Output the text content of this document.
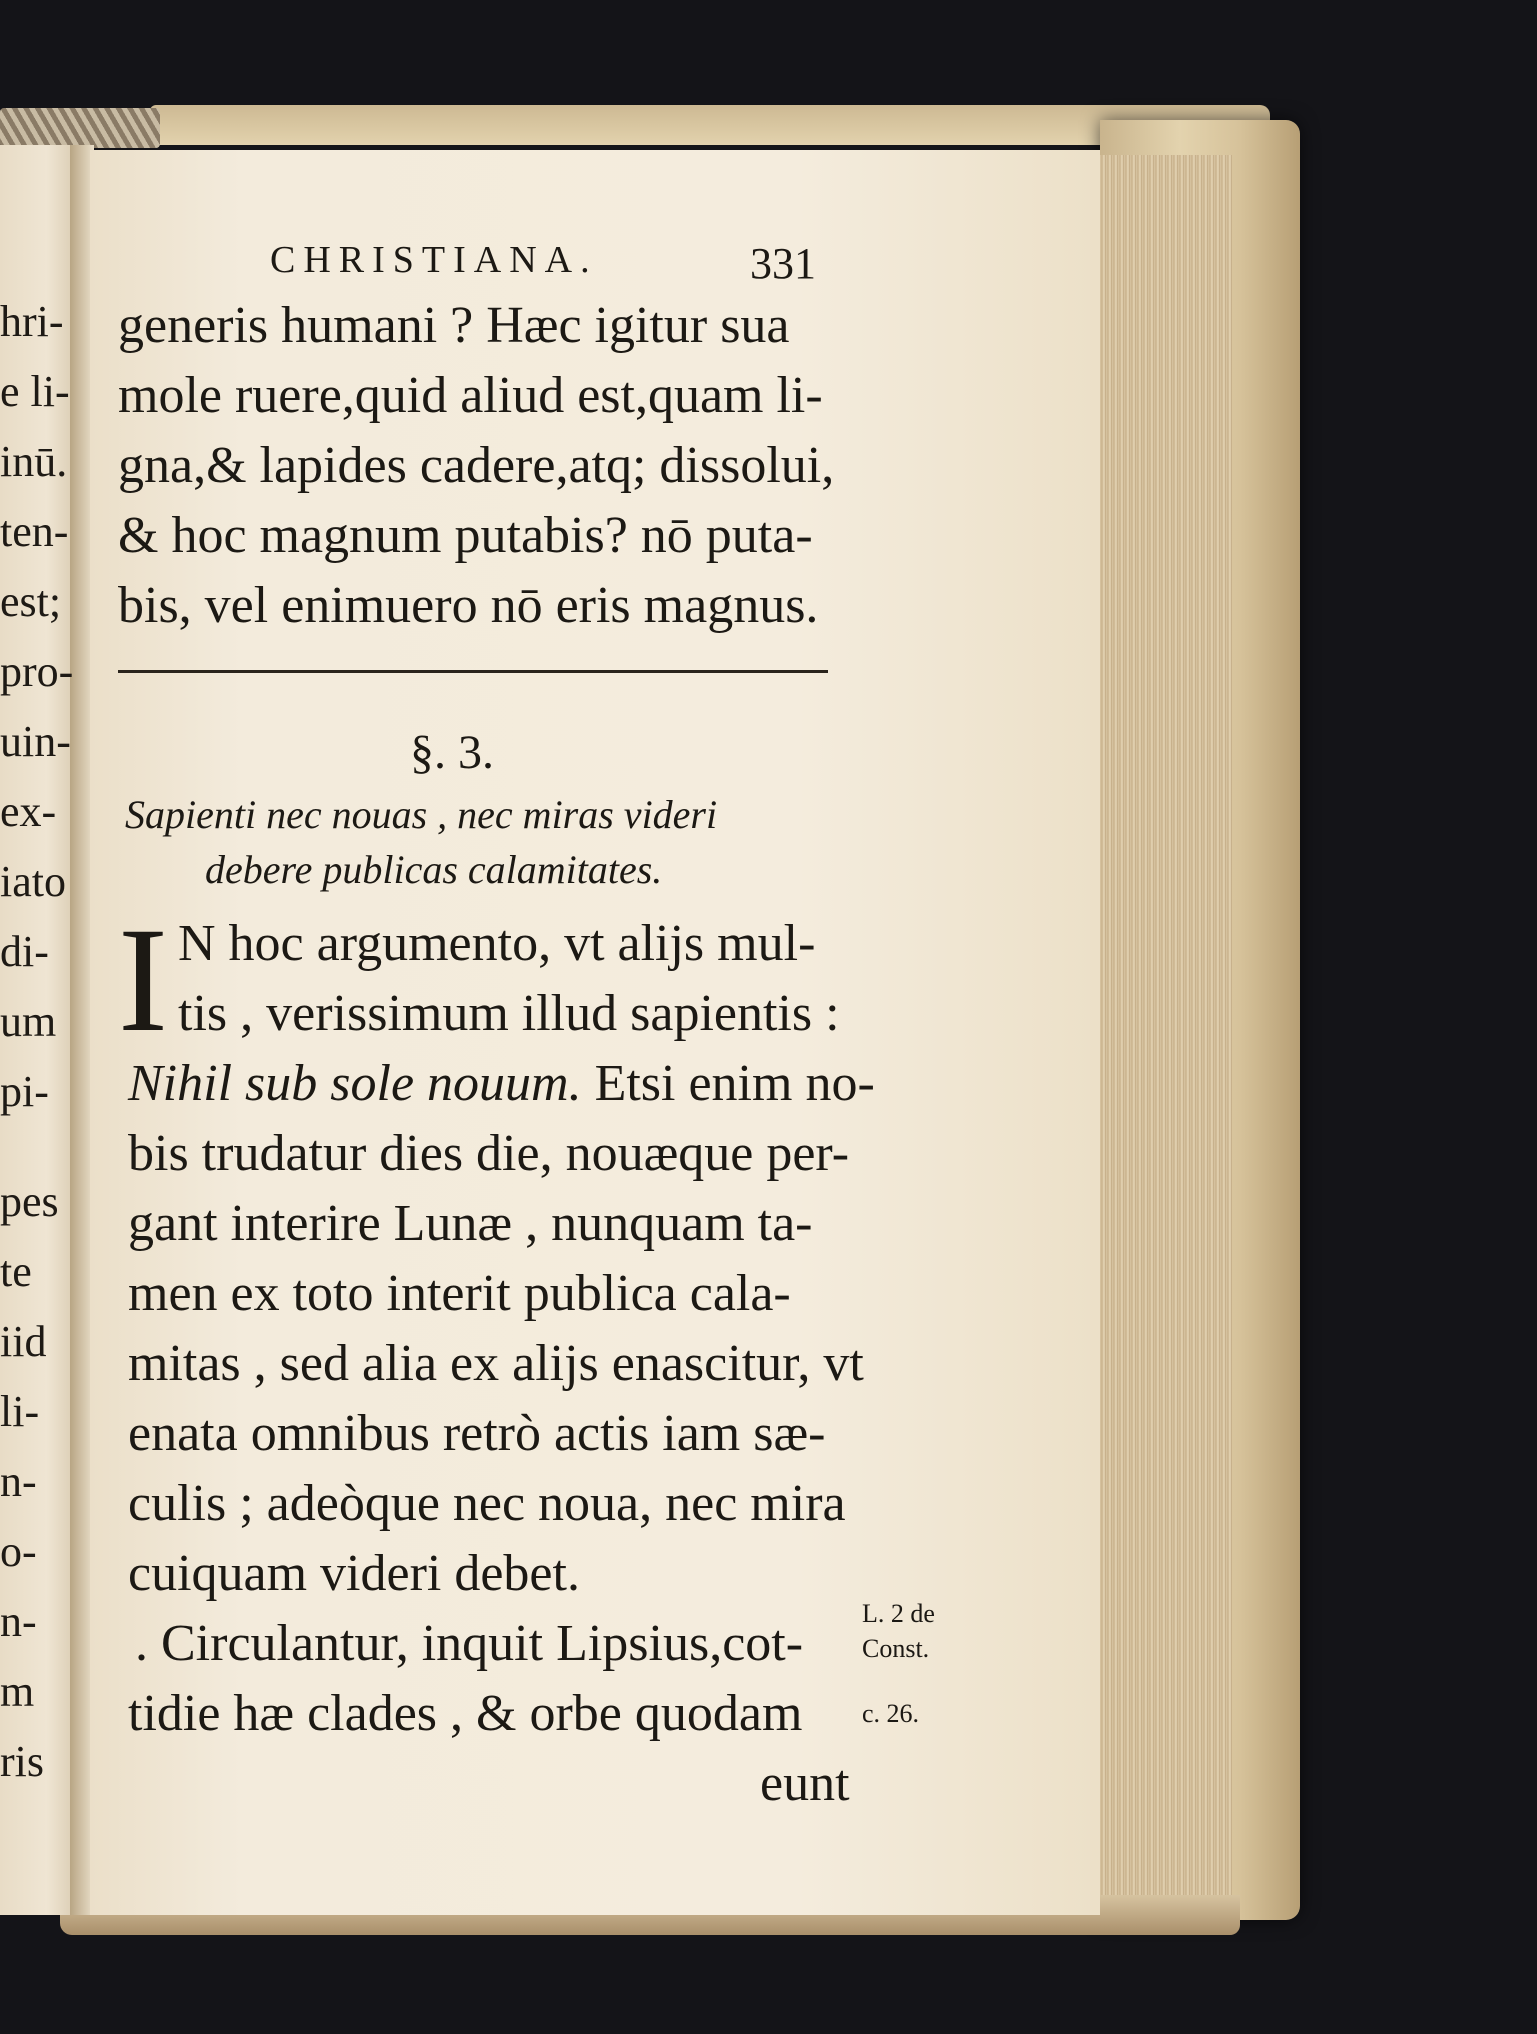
hri-
e li-
inū.
ten-
est;
pro-
uin-
ex-
iato
di-
um
pi-
pes
te
iid
li-
n-
o-
n-
m
ris
CHRISTIANA.	331
generis humani ? Hæc igitur sua
mole ruere,quid aliud est,quam li-
gna,& lapides cadere,atq; dissolui,
& hoc magnum putabis? nō puta-
bis, vel enimuero nō eris magnus.
§. 3.
Sapienti nec nouas , nec miras videri
debere publicas calamitates.
I N hoc argumento, vt alijs mul-
tis , verissimum illud sapientis :
Nihil sub sole nouum. Etsi enim no-
bis trudatur dies die, nouæque per-
gant interire Lunæ , nunquam ta-
men ex toto interit publica cala-
mitas , sed alia ex alijs enascitur, vt
enata omnibus retrò actis iam sæ-
culis ; adeòque nec noua, nec mira
cuiquam videri debet.
. Circulantur, inquit Lipsius,cot-
tidie hæ clades , & orbe quodam
eunt
L. 2 de
Const.
c. 26.
